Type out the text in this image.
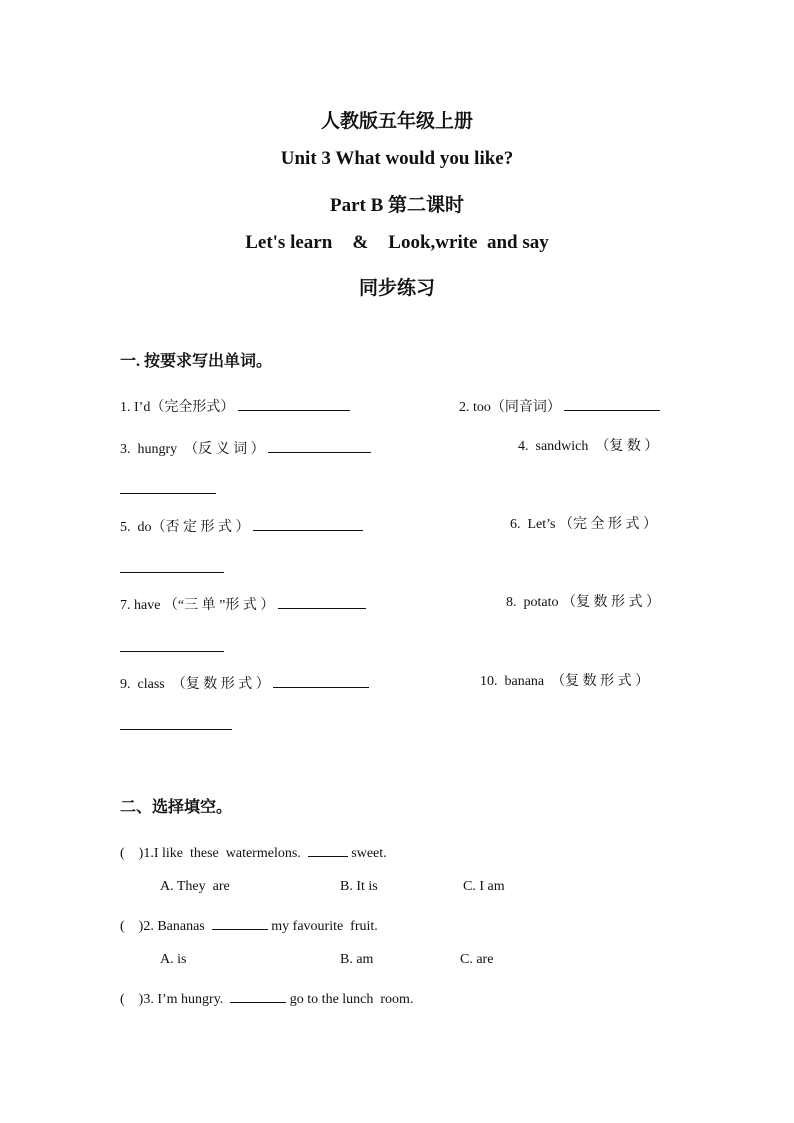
人教版五年级上册
Unit 3 What would you like?
Part B 第二课时
Let's learn & Look,write  and say
同步练习
一. 按要求写出单词。
1. I’d（完全形式）	2. too（同音词）
3.  hungry  （反 义 词 ）	4.  sandwich  （复 数 ）
5.  do（否 定 形 式 ）	6.  Let’s （完 全 形 式 ）
7. have （“三 单 ”形 式 ）	8.  potato （复 数 形 式 ）
9.  class  （复 数 形 式 ）	10.  banana  （复 数 形 式 ）
二、选择填空。
(    )1.I like  these  watermelons.	sweet.
A. They  are	B. It is	C. I am
(    )2. Bananas	my favourite  fruit.
A. is	B. am	C. are
(    )3. I’m hungry.	go to the lunch  room.
